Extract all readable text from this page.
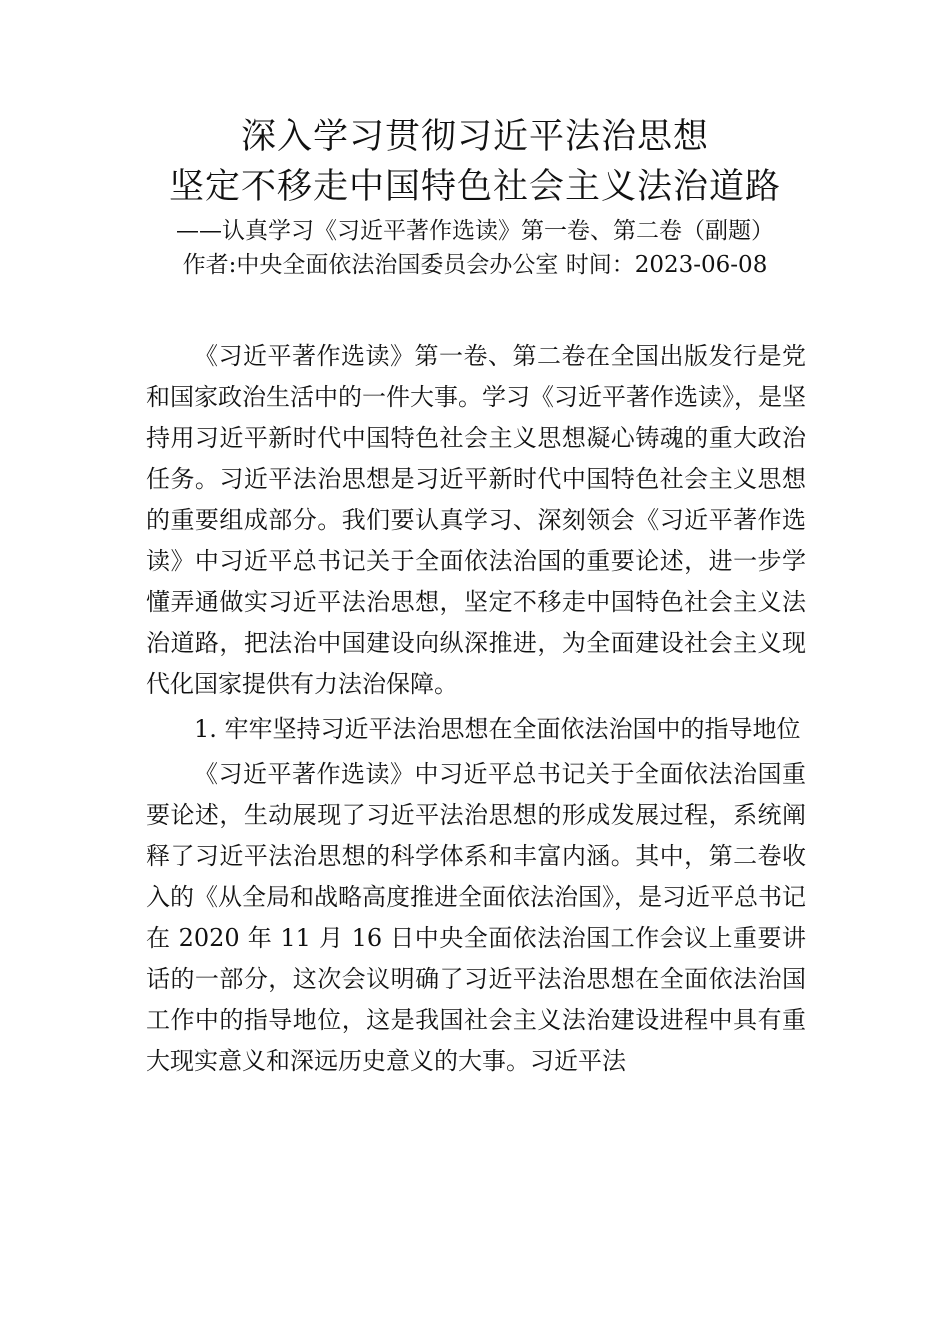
深入学习贯彻习近平法治思想
坚定不移走中国特色社会主义法治道路
——认真学习《习近平著作选读》第一卷、第二卷（副题）
作者:中央全面依法治国委员会办公室 时间：2023-06-08

《习近平著作选读》第一卷、第二卷在全国出版发行是党和国家政治生活中的一件大事。学习《习近平著作选读》，是坚持用习近平新时代中国特色社会主义思想凝心铸魂的重大政治任务。习近平法治思想是习近平新时代中国特色社会主义思想的重要组成部分。我们要认真学习、深刻领会《习近平著作选读》中习近平总书记关于全面依法治国的重要论述，进一步学懂弄通做实习近平法治思想，坚定不移走中国特色社会主义法治道路，把法治中国建设向纵深推进，为全面建设社会主义现代化国家提供有力法治保障。

1. 牢牢坚持习近平法治思想在全面依法治国中的指导地位

《习近平著作选读》中习近平总书记关于全面依法治国重要论述，生动展现了习近平法治思想的形成发展过程，系统阐释了习近平法治思想的科学体系和丰富内涵。其中，第二卷收入的《从全局和战略高度推进全面依法治国》，是习近平总书记在 2020 年 11 月 16 日中央全面依法治国工作会议上重要讲话的一部分，这次会议明确了习近平法治思想在全面依法治国工作中的指导地位，这是我国社会主义法治建设进程中具有重大现实意义和深远历史意义的大事。习近平法
